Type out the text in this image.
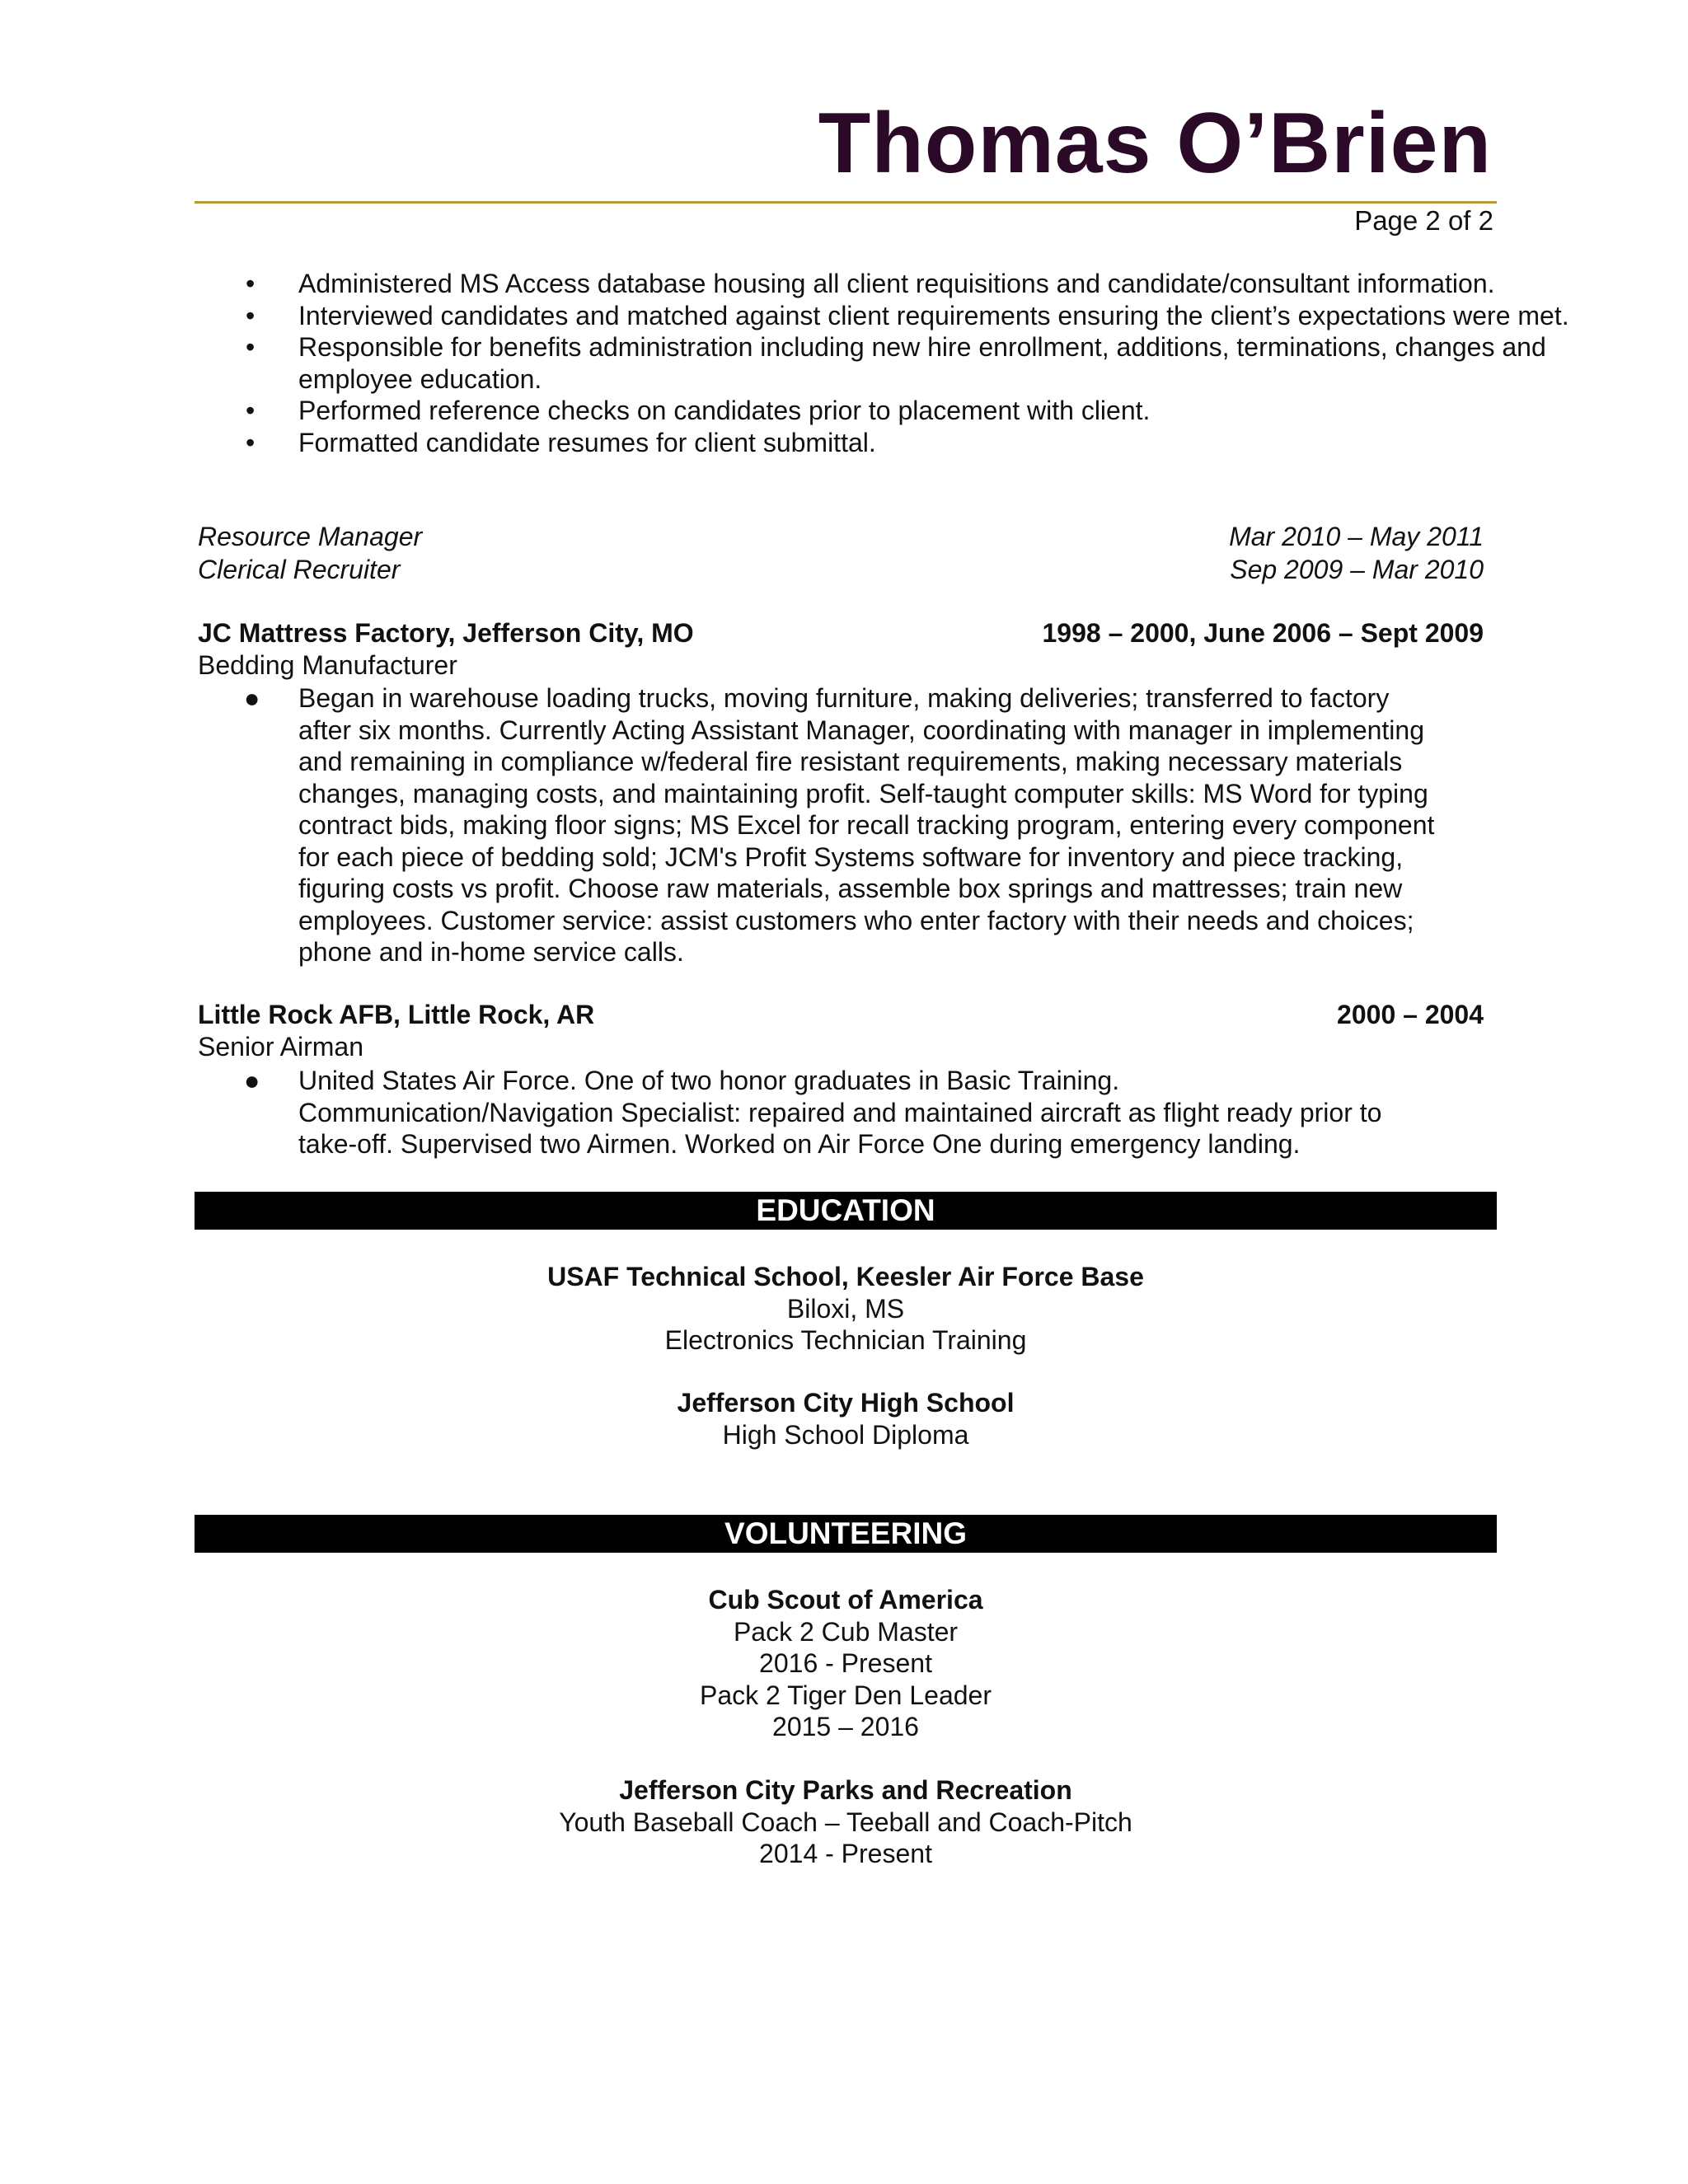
Thomas O’Brien
Page 2 of 2
•	Administered MS Access database housing all client requisitions and candidate/consultant information.
•	Interviewed candidates and matched against client requirements ensuring the client’s expectations were met.
•	Responsible for benefits administration including new hire enrollment, additions, terminations, changes and employee education.
•	Performed reference checks on candidates prior to placement with client.
•	Formatted candidate resumes for client submittal.
Resource Manager	Mar 2010 – May 2011
Clerical Recruiter	Sep 2009 – Mar 2010
JC Mattress Factory, Jefferson City, MO	1998 – 2000, June 2006 – Sept 2009
Bedding Manufacturer
● Began in warehouse loading trucks, moving furniture, making deliveries; transferred to factory
after six months. Currently Acting Assistant Manager, coordinating with manager in implementing
and remaining in compliance w/federal fire resistant requirements, making necessary materials
changes, managing costs, and maintaining profit. Self-taught computer skills: MS Word for typing
contract bids, making floor signs; MS Excel for recall tracking program, entering every component
for each piece of bedding sold; JCM's Profit Systems software for inventory and piece tracking,
figuring costs vs profit. Choose raw materials, assemble box springs and mattresses; train new
employees. Customer service: assist customers who enter factory with their needs and choices;
phone and in-home service calls.
Little Rock AFB, Little Rock, AR	2000 – 2004
Senior Airman
● United States Air Force. One of two honor graduates in Basic Training.
Communication/Navigation Specialist: repaired and maintained aircraft as flight ready prior to
take-off. Supervised two Airmen. Worked on Air Force One during emergency landing.
EDUCATION
USAF Technical School, Keesler Air Force Base
Biloxi, MS
Electronics Technician Training
Jefferson City High School
High School Diploma
VOLUNTEERING
Cub Scout of America
Pack 2 Cub Master
2016 - Present
Pack 2 Tiger Den Leader
2015 – 2016
Jefferson City Parks and Recreation
Youth Baseball Coach – Teeball and Coach-Pitch
2014 - Present
